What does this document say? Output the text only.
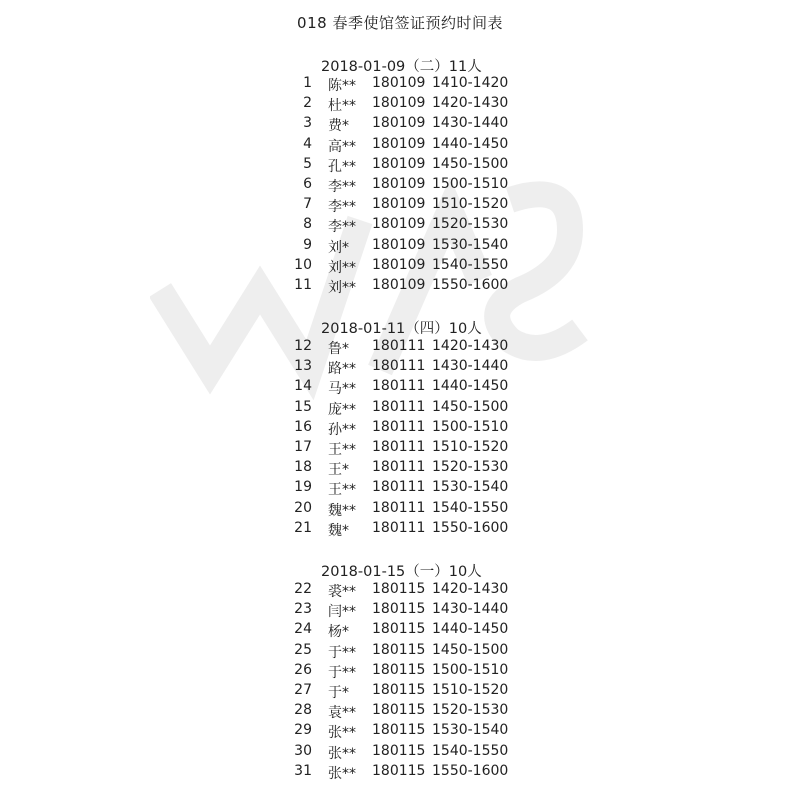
018 春季使馆签证预约时间表
2018-01-09（二）11人
1 陈** 180109 1410-1420
2 杜** 180109 1420-1430
3 费* 180109 1430-1440
4 高** 180109 1440-1450
5 孔** 180109 1450-1500
6 李** 180109 1500-1510
7 李** 180109 1510-1520
8 李** 180109 1520-1530
9 刘* 180109 1530-1540
10 刘** 180109 1540-1550
11 刘** 180109 1550-1600
2018-01-11（四）10人
12 鲁* 180111 1420-1430
13 路** 180111 1430-1440
14 马** 180111 1440-1450
15 庞** 180111 1450-1500
16 孙** 180111 1500-1510
17 王** 180111 1510-1520
18 王* 180111 1520-1530
19 王** 180111 1530-1540
20 魏** 180111 1540-1550
21 魏* 180111 1550-1600
2018-01-15（一）10人
22 裘** 180115 1420-1430
23 闫** 180115 1430-1440
24 杨* 180115 1440-1450
25 于** 180115 1450-1500
26 于** 180115 1500-1510
27 于* 180115 1510-1520
28 袁** 180115 1520-1530
29 张** 180115 1530-1540
30 张** 180115 1540-1550
31 张** 180115 1550-1600
